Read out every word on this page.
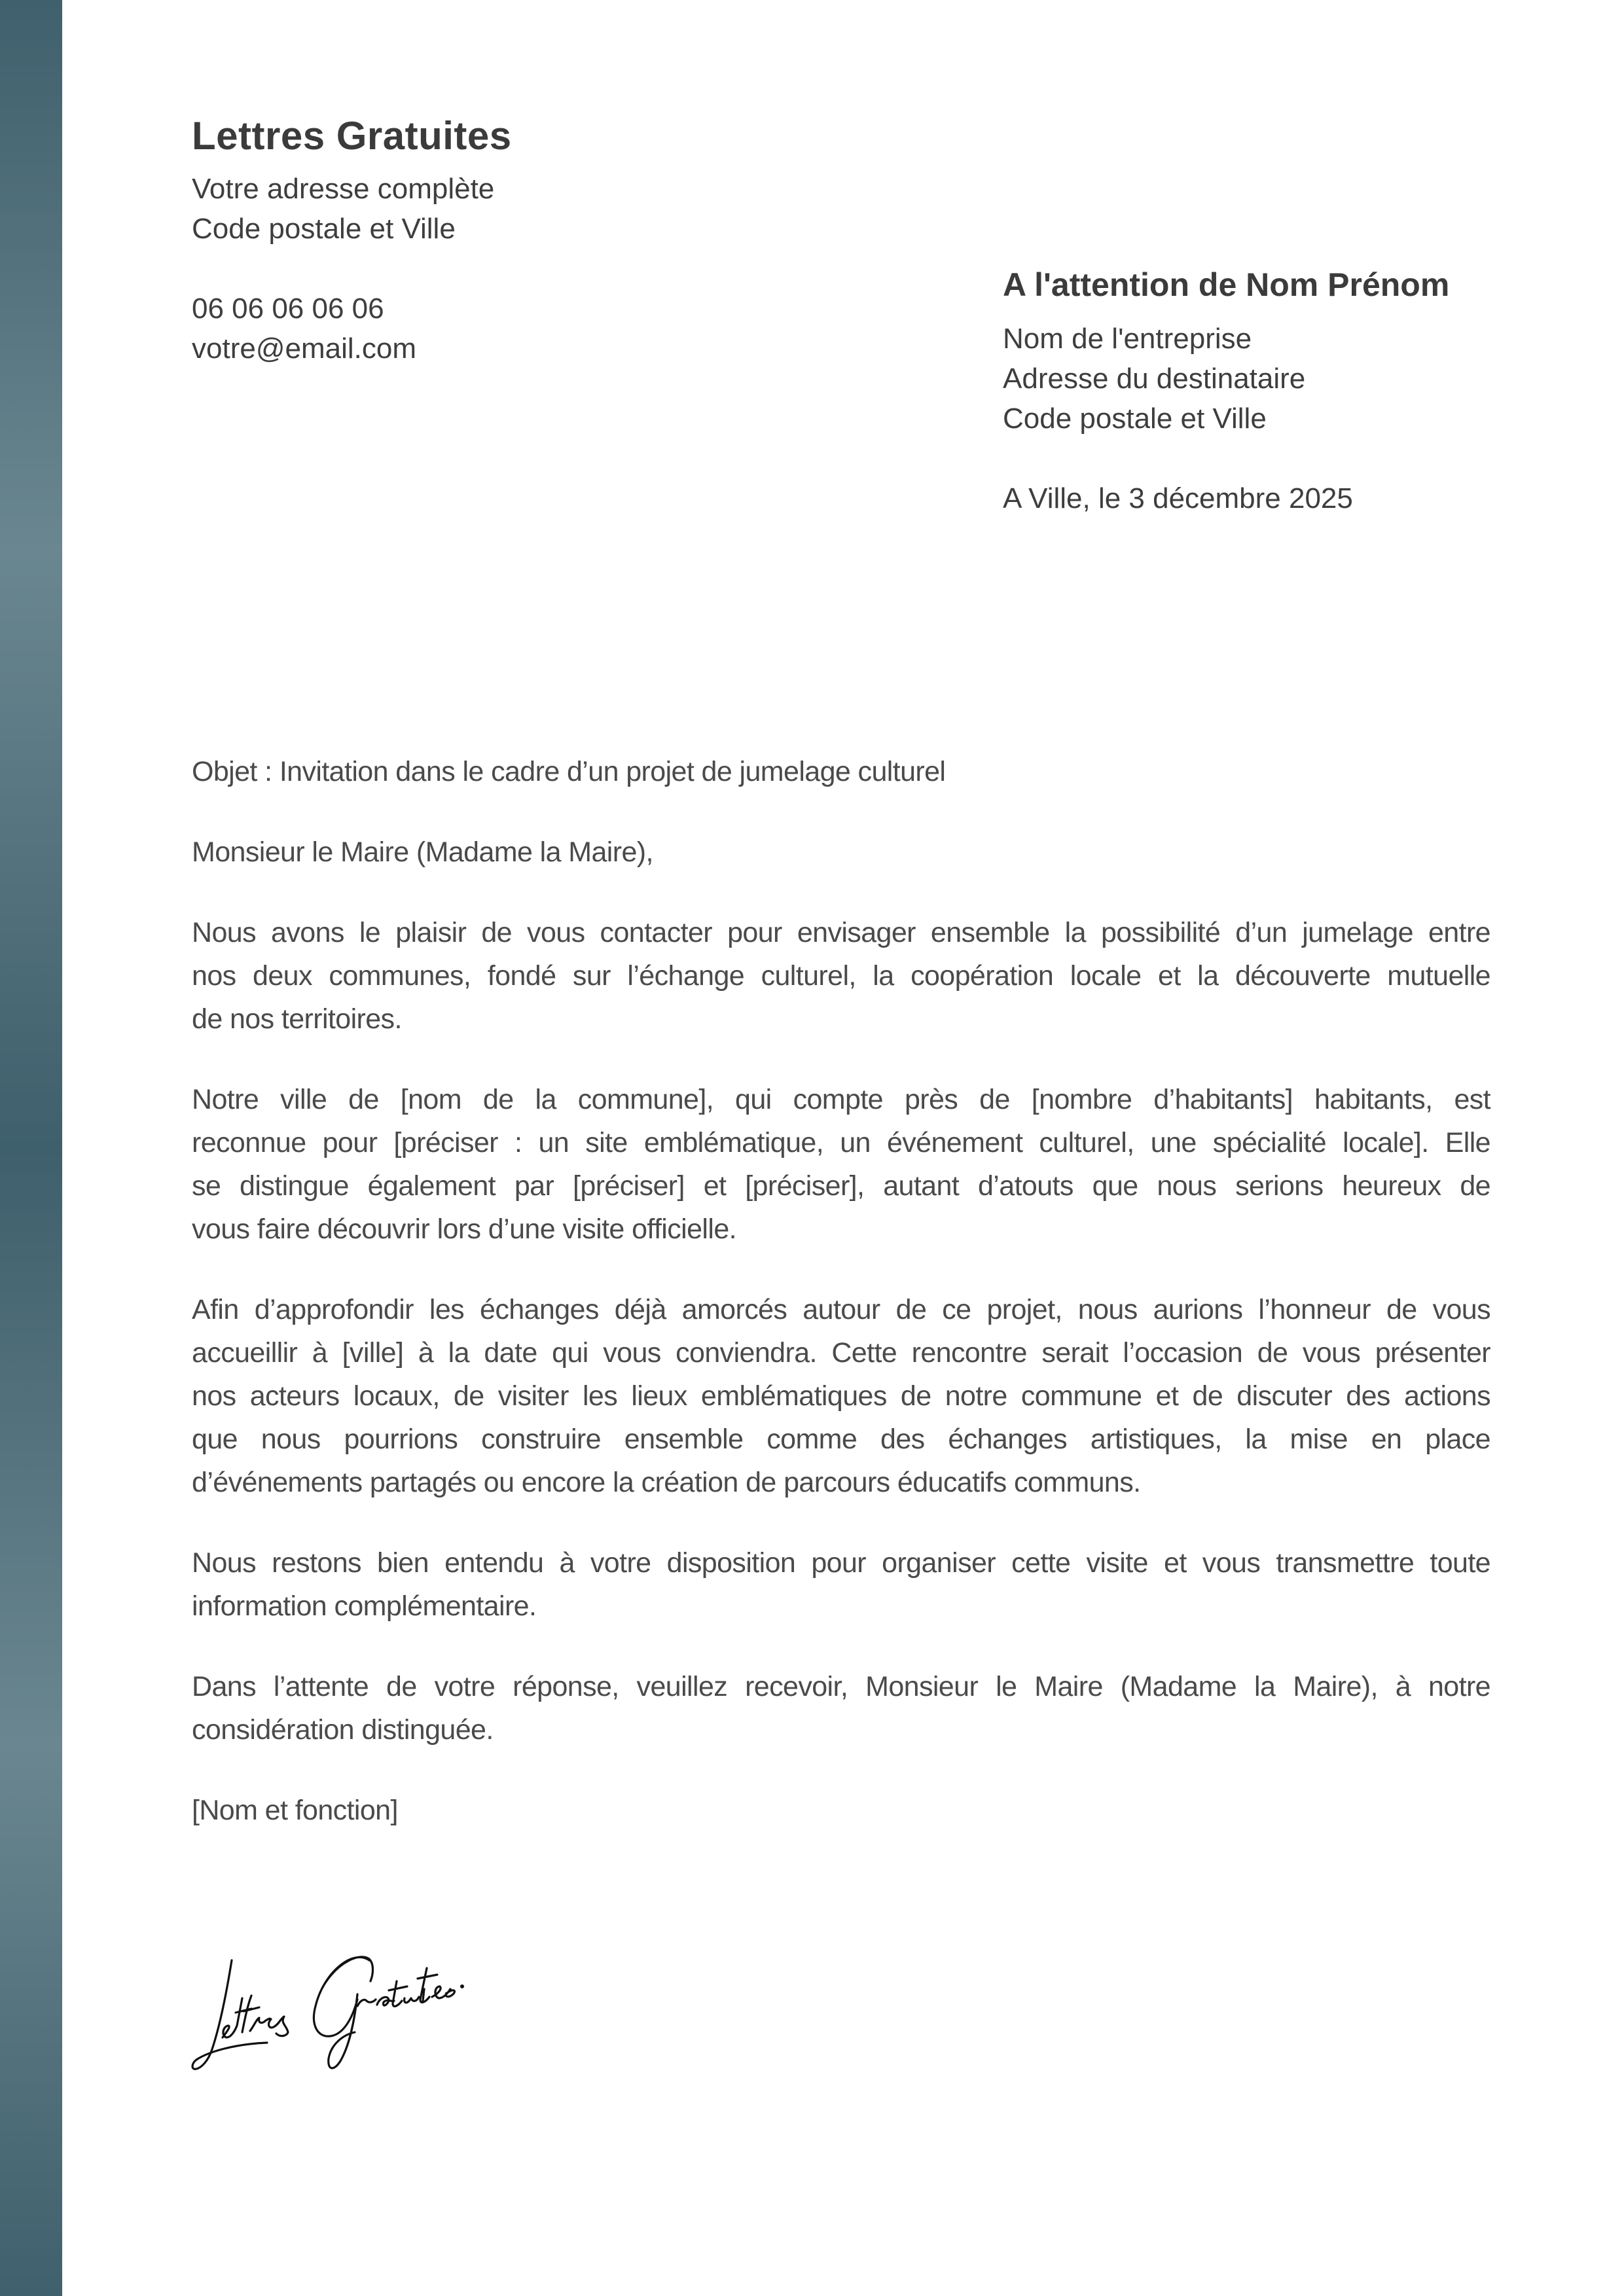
Lettres Gratuites
Votre adresse complète
Code postale et Ville
06 06 06 06 06
votre@email.com
A l'attention de Nom Prénom
Nom de l'entreprise
Adresse du destinataire
Code postale et Ville
A Ville, le 3 décembre 2025
Objet : Invitation dans le cadre d’un projet de jumelage culturel
Monsieur le Maire (Madame la Maire),
Nous avons le plaisir de vous contacter pour envisager ensemble la possibilité d’un jumelage entre
nos deux communes, fondé sur l’échange culturel, la coopération locale et la découverte mutuelle
de nos territoires.
Notre ville de [nom de la commune], qui compte près de [nombre d’habitants] habitants, est
reconnue pour [préciser : un site emblématique, un événement culturel, une spécialité locale]. Elle
se distingue également par [préciser] et [préciser], autant d’atouts que nous serions heureux de
vous faire découvrir lors d’une visite officielle.
Afin d’approfondir les échanges déjà amorcés autour de ce projet, nous aurions l’honneur de vous
accueillir à [ville] à la date qui vous conviendra. Cette rencontre serait l’occasion de vous présenter
nos acteurs locaux, de visiter les lieux emblématiques de notre commune et de discuter des actions
que nous pourrions construire ensemble comme des échanges artistiques, la mise en place
d’événements partagés ou encore la création de parcours éducatifs communs.
Nous restons bien entendu à votre disposition pour organiser cette visite et vous transmettre toute
information complémentaire.
Dans l’attente de votre réponse, veuillez recevoir, Monsieur le Maire (Madame la Maire), à notre
considération distinguée.
[Nom et fonction]
